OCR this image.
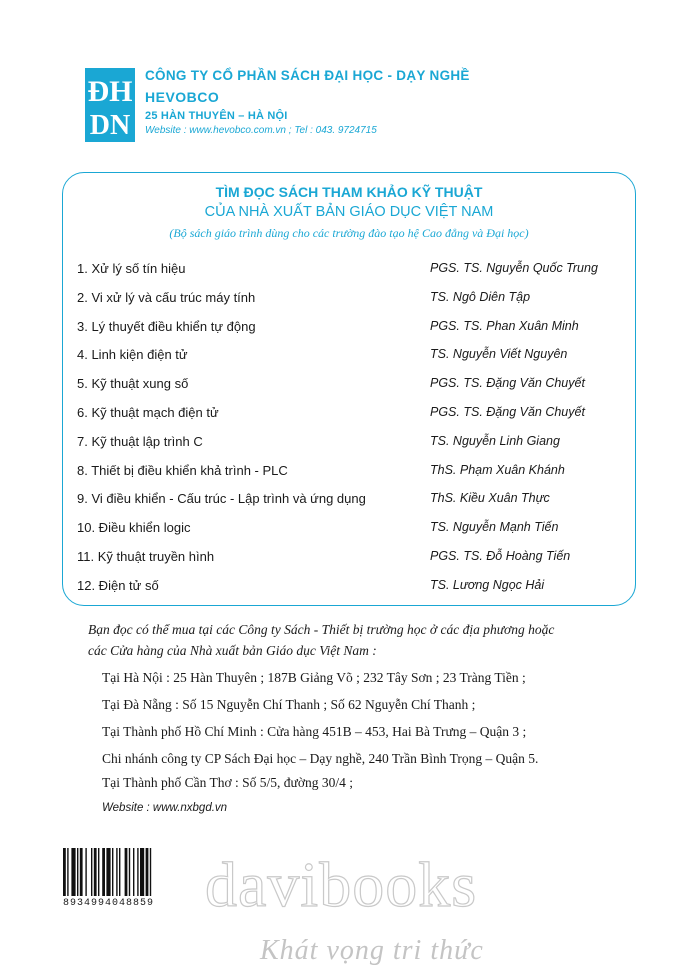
ĐH
DN
CÔNG TY CỔ PHẦN SÁCH ĐẠI HỌC - DẠY NGHỀ
HEVOBCO
25 HÀN THUYÊN – HÀ NỘI
Website : www.hevobco.com.vn ; Tel : 043. 9724715
TÌM ĐỌC SÁCH THAM KHẢO KỸ THUẬT
CỦA NHÀ XUẤT BẢN GIÁO DỤC VIỆT NAM
(Bộ sách giáo trình dùng cho các trường đào tạo hệ Cao đẳng và Đại học)
1. Xử lý số tín hiệu	PGS. TS. Nguyễn Quốc Trung
2. Vi xử lý và cấu trúc máy tính	TS. Ngô Diên Tập
3. Lý thuyết điều khiển tự động	PGS. TS. Phan Xuân Minh
4. Linh kiện điện tử	TS. Nguyễn Viết Nguyên
5. Kỹ thuật xung số	PGS. TS. Đặng Văn Chuyết
6. Kỹ thuật mạch điện tử	PGS. TS. Đặng Văn Chuyết
7. Kỹ thuật lập trình C	TS. Nguyễn Linh Giang
8. Thiết bị điều khiển khả trình - PLC	ThS. Phạm Xuân Khánh
9. Vi điều khiển - Cấu trúc - Lập trình và ứng dụng	ThS. Kiều Xuân Thực
10. Điều khiển logic	TS. Nguyễn Mạnh Tiến
11. Kỹ thuật truyền hình	PGS. TS. Đỗ Hoàng Tiến
12. Điện tử số	TS. Lương Ngọc Hải
Bạn đọc có thể mua tại các Công ty Sách - Thiết bị trường học ở các địa phương hoặc
các Cửa hàng của Nhà xuất bản Giáo dục Việt Nam :
Tại Hà Nội : 25 Hàn Thuyên ; 187B Giảng Võ ; 232 Tây Sơn ; 23 Tràng Tiền ;
Tại Đà Nẵng : Số 15 Nguyễn Chí Thanh ; Số 62 Nguyễn Chí Thanh ;
Tại Thành phố Hồ Chí Minh : Cửa hàng 451B – 453, Hai Bà Trưng – Quận 3 ;
Chi nhánh công ty CP Sách Đại học – Dạy nghề, 240 Trần Bình Trọng – Quận 5.
Tại Thành phố Cần Thơ : Số 5/5, đường 30/4 ;
Website : www.nxbgd.vn
8934994048859 davibooks
Khát vọng tri thức
